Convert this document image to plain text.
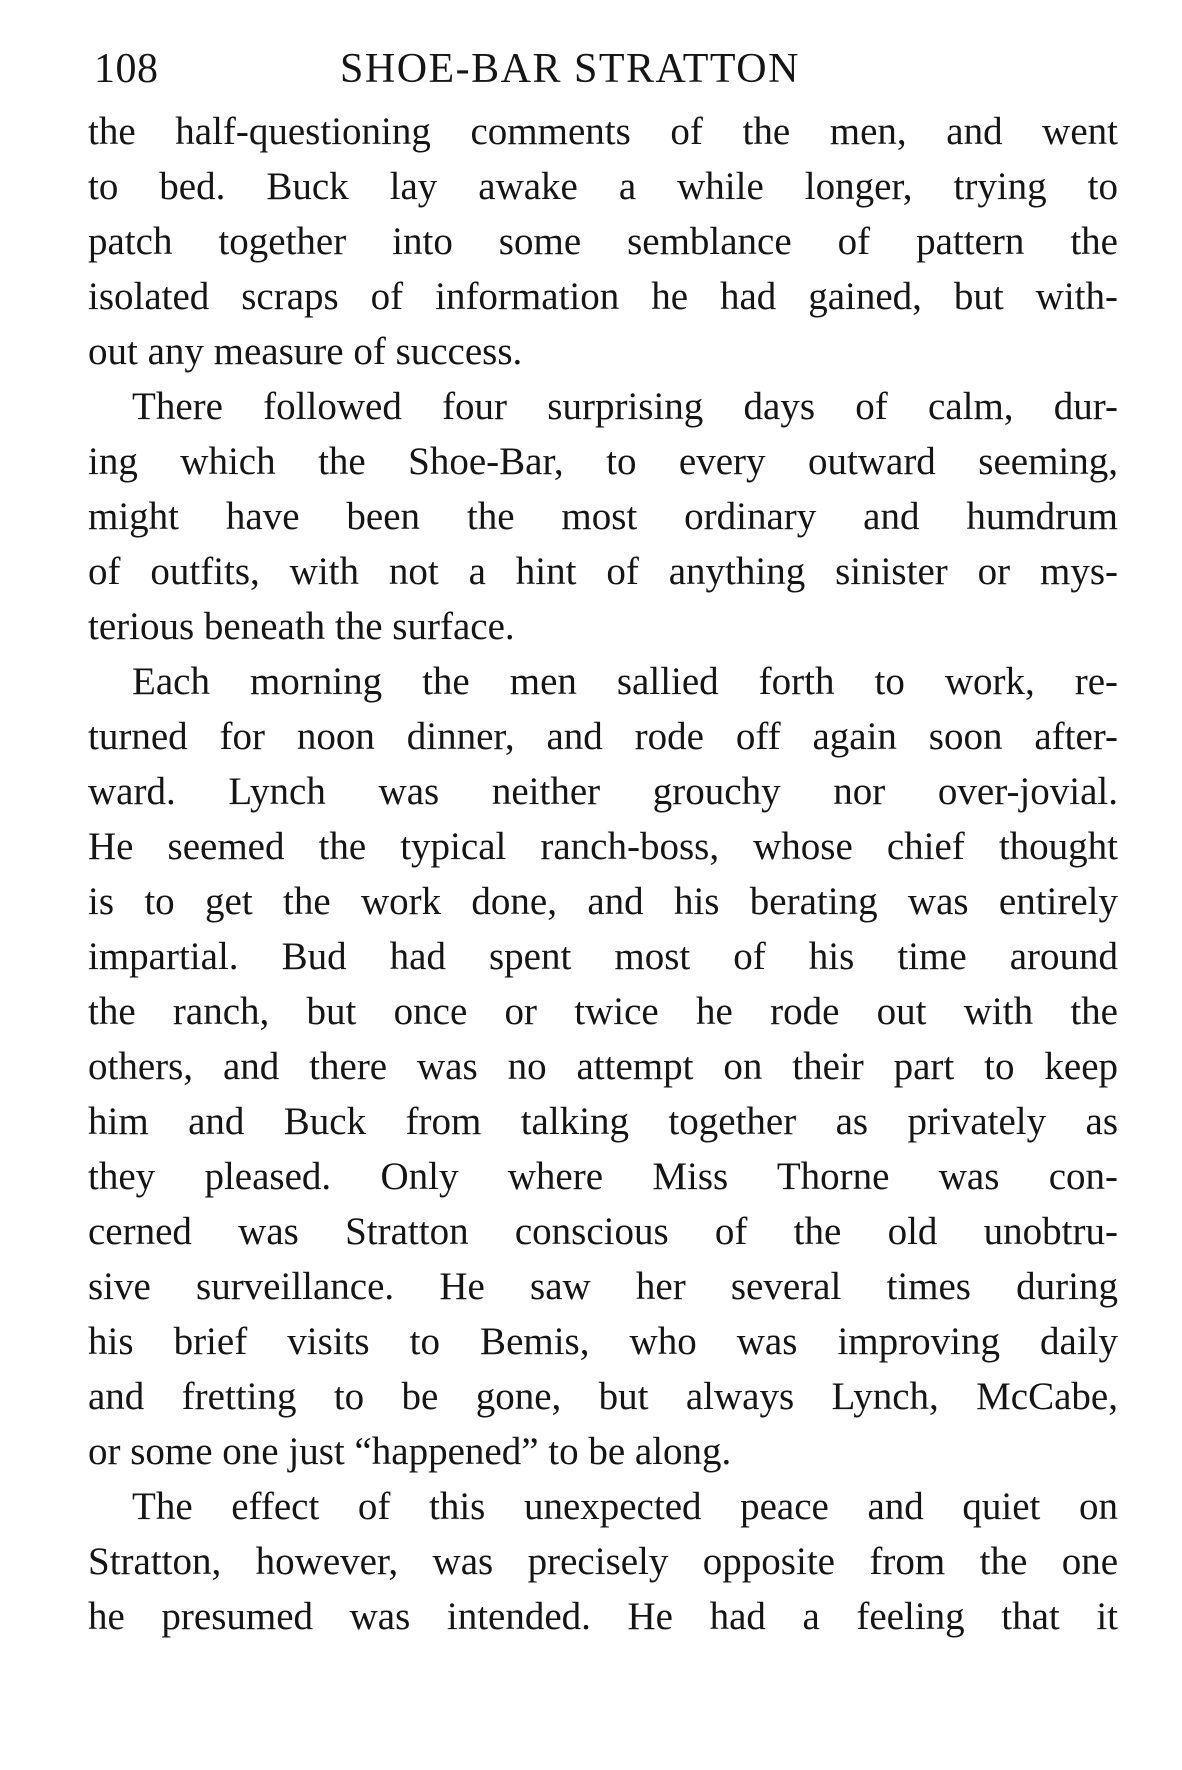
108	SHOE-BAR STRATTON
the half-questioning comments of the men, and went
to bed. Buck lay awake a while longer, trying to
patch together into some semblance of pattern the
isolated scraps of information he had gained, but with-
out any measure of success.
There followed four surprising days of calm, dur-
ing which the Shoe-Bar, to every outward seeming,
might have been the most ordinary and humdrum
of outfits, with not a hint of anything sinister or mys-
terious beneath the surface.
Each morning the men sallied forth to work, re-
turned for noon dinner, and rode off again soon after-
ward. Lynch was neither grouchy nor over-jovial.
He seemed the typical ranch-boss, whose chief thought
is to get the work done, and his berating was entirely
impartial. Bud had spent most of his time around
the ranch, but once or twice he rode out with the
others, and there was no attempt on their part to keep
him and Buck from talking together as privately as
they pleased. Only where Miss Thorne was con-
cerned was Stratton conscious of the old unobtru-
sive surveillance. He saw her several times during
his brief visits to Bemis, who was improving daily
and fretting to be gone, but always Lynch, McCabe,
or some one just “happened” to be along.
The effect of this unexpected peace and quiet on
Stratton, however, was precisely opposite from the one
he presumed was intended. He had a feeling that it
